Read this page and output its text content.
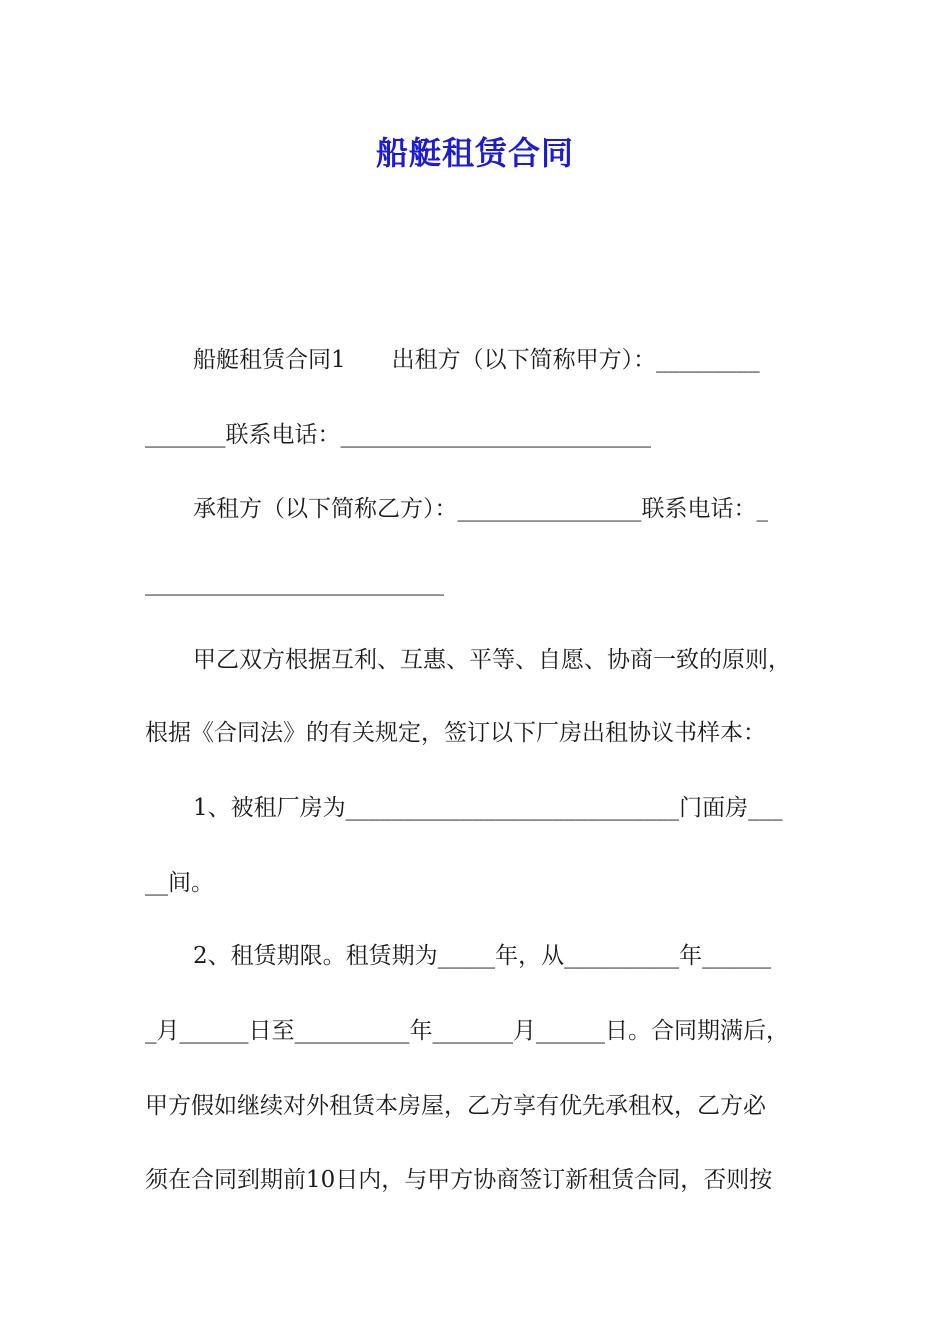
船艇租赁合同
船艇租赁合同1　　出租方（以下简称甲方）：_________
_______联系电话：___________________________
承租方（以下简称乙方）：________________联系电话：_
__________________________
甲乙双方根据互利、互惠、平等、自愿、协商一致的原则，
根据《合同法》的有关规定，签订以下厂房出租协议书样本：
1、被租厂房为_____________________________门面房___
__间。
2、租赁期限。租赁期为_____年，从__________年______
_月______日至__________年_______月______日。合同期满后，
甲方假如继续对外租赁本房屋，乙方享有优先承租权，乙方必
须在合同到期前10日内，与甲方协商签订新租赁合同，否则按
